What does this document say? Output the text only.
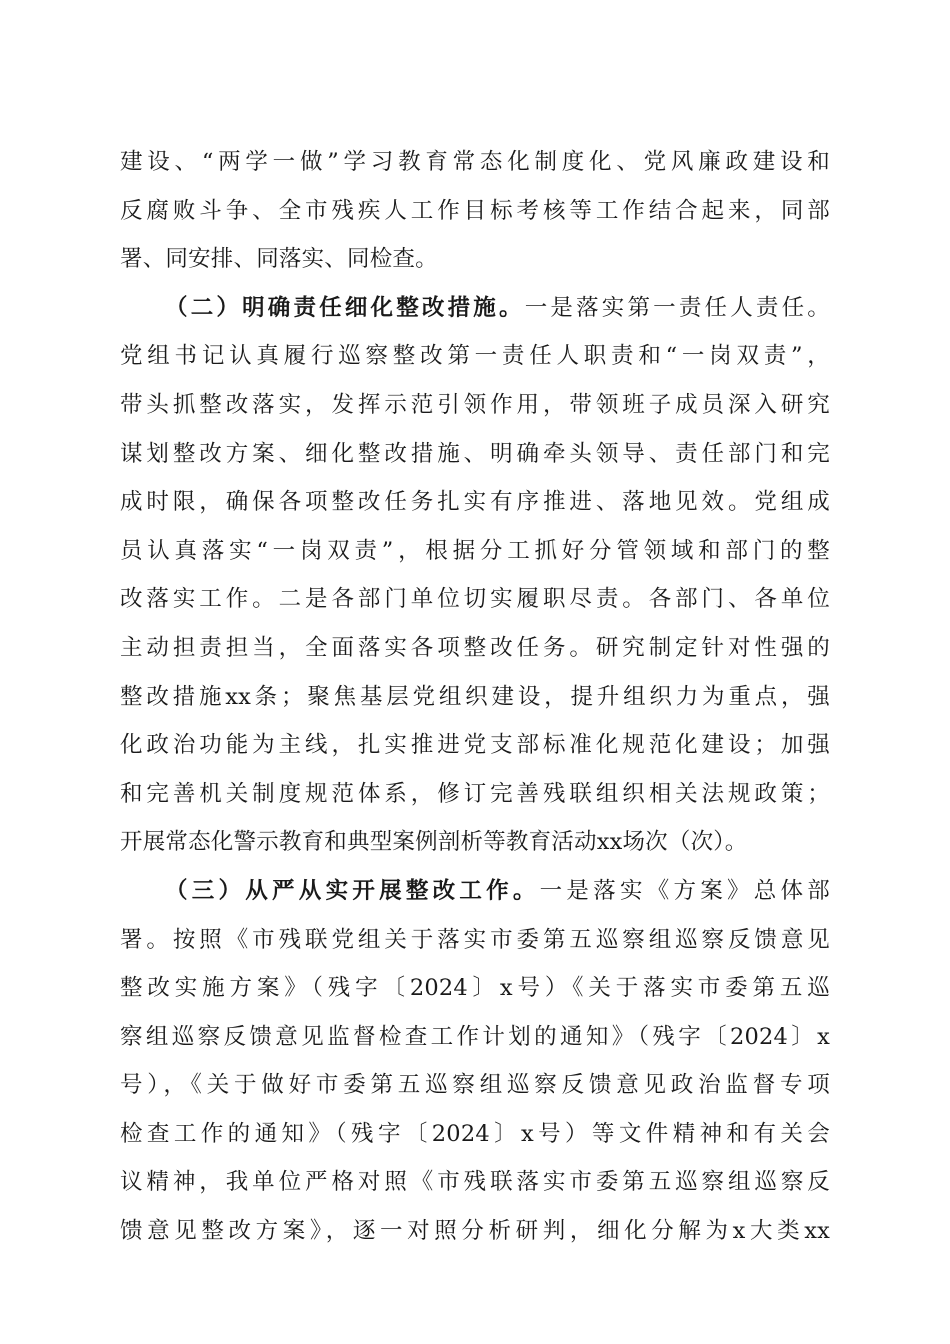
建设、“两学一做”学习教育常态化制度化、党风廉政建设和
反腐败斗争、全市残疾人工作目标考核等工作结合起来，同部
署、同安排、同落实、同检查。
（二）明确责任细化整改措施。一是落实第一责任人责任。
党组书记认真履行巡察整改第一责任人职责和“一岗双责”，
带头抓整改落实，发挥示范引领作用，带领班子成员深入研究
谋划整改方案、细化整改措施、明确牵头领导、责任部门和完
成时限，确保各项整改任务扎实有序推进、落地见效。党组成
员认真落实“一岗双责”，根据分工抓好分管领域和部门的整
改落实工作。二是各部门单位切实履职尽责。各部门、各单位
主动担责担当，全面落实各项整改任务。研究制定针对性强的
整改措施xx条；聚焦基层党组织建设，提升组织力为重点，强
化政治功能为主线，扎实推进党支部标准化规范化建设；加强
和完善机关制度规范体系，修订完善残联组织相关法规政策；
开展常态化警示教育和典型案例剖析等教育活动xx场次（次）。
（三）从严从实开展整改工作。一是落实《方案》总体部
署。按照《市残联党组关于落实市委第五巡察组巡察反馈意见
整改实施方案》（残字〔2024〕x号）《关于落实市委第五巡
察组巡察反馈意见监督检查工作计划的通知》（残字〔2024〕x
号），《关于做好市委第五巡察组巡察反馈意见政治监督专项
检查工作的通知》（残字〔2024〕x号）等文件精神和有关会
议精神，我单位严格对照《市残联落实市委第五巡察组巡察反
馈意见整改方案》，逐一对照分析研判，细化分解为x大类xx
